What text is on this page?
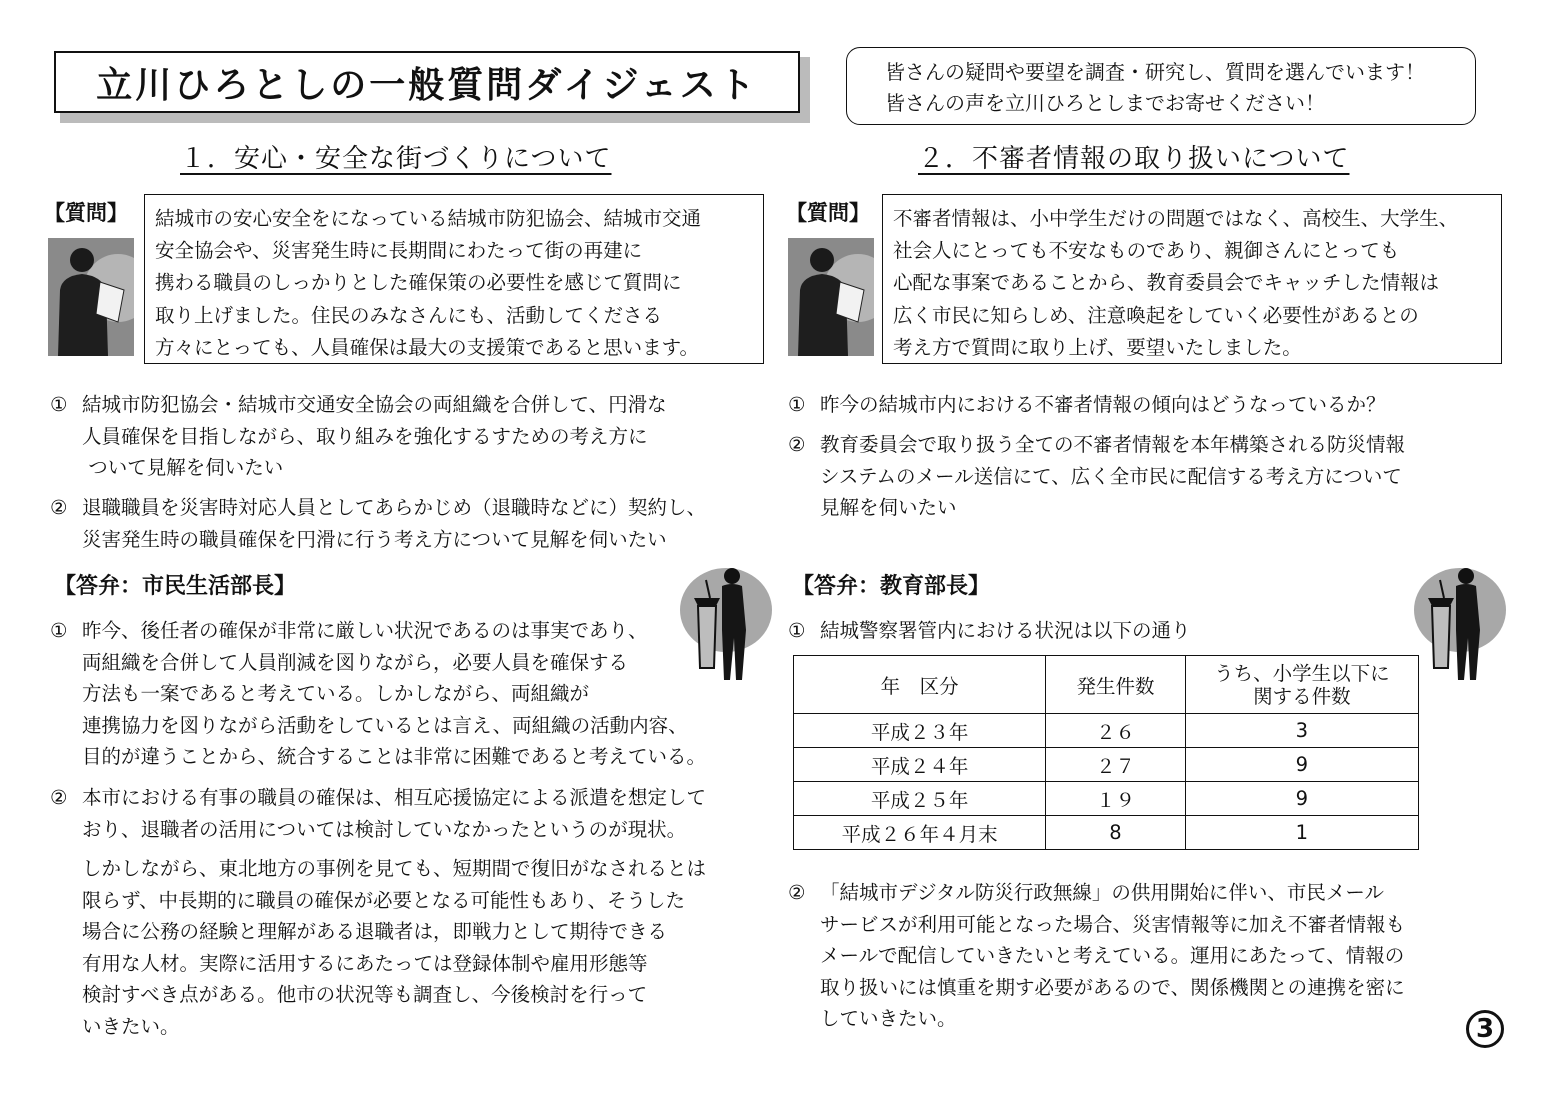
立川ひろとしの一般質問ダイジェスト	皆さんの疑問や要望を調査・研究し、質問を選んでいます！
皆さんの声を立川ひろとしまでお寄せください！
１．安心・安全な街づくりについて
【質問】 結城市の安心安全をになっている結城市防犯協会、結城市交通
安全協会や、災害発生時に長期間にわたって街の再建に
携わる職員のしっかりとした確保策の必要性を感じて質問に
取り上げました。住民のみなさんにも、活動してくださる
方々にとっても、人員確保は最大の支援策であると思います。
① 結城市防犯協会・結城市交通安全協会の両組織を合併して、円滑な
人員確保を目指しながら、取り組みを強化するすための考え方に
ついて見解を伺いたい
② 退職職員を災害時対応人員としてあらかじめ（退職時などに）契約し、
災害発生時の職員確保を円滑に行う考え方について見解を伺いたい
【答弁：市民生活部長】
① 昨今、後任者の確保が非常に厳しい状況であるのは事実であり、
両組織を合併して人員削減を図りながら，必要人員を確保する
方法も一案であると考えている。しかしながら、両組織が
連携協力を図りながら活動をしているとは言え、両組織の活動内容、
目的が違うことから、統合することは非常に困難であると考えている。
② 本市における有事の職員の確保は、相互応援協定による派遣を想定して
おり、退職者の活用については検討していなかったというのが現状。
しかしながら、東北地方の事例を見ても、短期間で復旧がなされるとは
限らず、中長期的に職員の確保が必要となる可能性もあり、そうした
場合に公務の経験と理解がある退職者は，即戦力として期待できる
有用な人材。実際に活用するにあたっては登録体制や雇用形態等
検討すべき点がある。他市の状況等も調査し、今後検討を行って
いきたい。
２．不審者情報の取り扱いについて
【質問】 不審者情報は、小中学生だけの問題ではなく、高校生、大学生、
社会人にとっても不安なものであり、親御さんにとっても
心配な事案であることから、教育委員会でキャッチした情報は
広く市民に知らしめ、注意喚起をしていく必要性があるとの
考え方で質問に取り上げ、要望いたしました。
① 昨今の結城市内における不審者情報の傾向はどうなっているか？
② 教育委員会で取り扱う全ての不審者情報を本年構築される防災情報
システムのメール送信にて、広く全市民に配信する考え方について
見解を伺いたい
【答弁：教育部長】
① 結城警察署管内における状況は以下の通り
年　区分	発生件数	うち、小学生以下に
関する件数
平成２３年	２６	3
平成２４年	２７	9
平成２５年	１９	9
平成２６年４月末	8	1
② 「結城市デジタル防災行政無線」の供用開始に伴い、市民メール
サービスが利用可能となった場合、災害情報等に加え不審者情報も
メールで配信していきたいと考えている。運用にあたって、情報の
取り扱いには慎重を期す必要があるので、関係機関との連携を密に
していきたい。	3
